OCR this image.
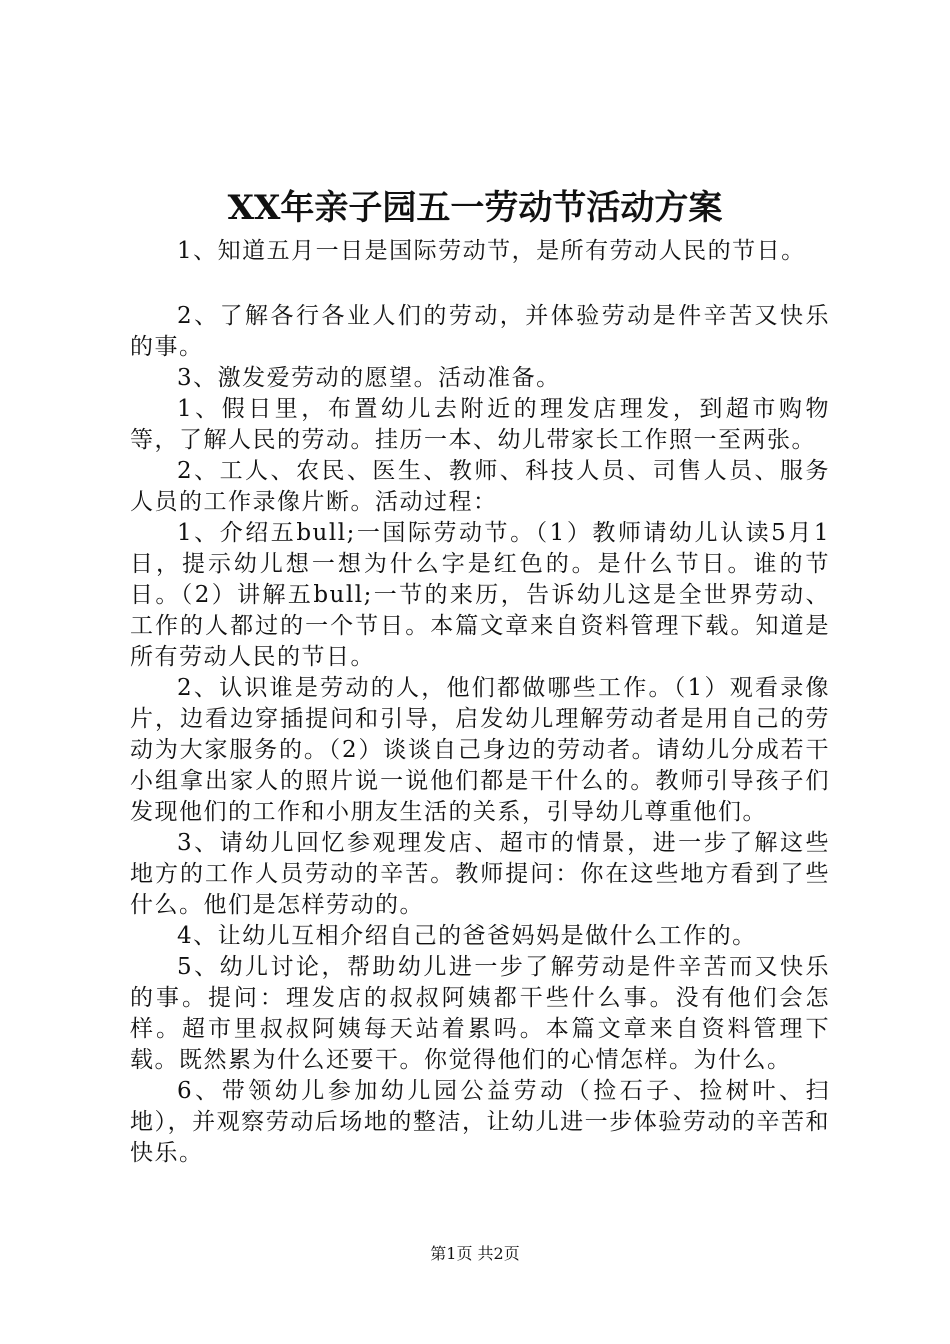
XX年亲子园五一劳动节活动方案

1、知道五月一日是国际劳动节，是所有劳动人民的节日。

2、了解各行各业人们的劳动，并体验劳动是件辛苦又快乐的事。

3、激发爱劳动的愿望。活动准备。

1、假日里，布置幼儿去附近的理发店理发，到超市购物等，了解人民的劳动。挂历一本、幼儿带家长工作照一至两张。

2、工人、农民、医生、教师、科技人员、司售人员、服务人员的工作录像片断。活动过程：

1、介绍五bull;一国际劳动节。（1）教师请幼儿认读5月1日，提示幼儿想一想为什么字是红色的。是什么节日。谁的节日。（2）讲解五bull;一节的来历，告诉幼儿这是全世界劳动、工作的人都过的一个节日。本篇文章来自资料管理下载。知道是所有劳动人民的节日。

2、认识谁是劳动的人，他们都做哪些工作。（1）观看录像片，边看边穿插提问和引导，启发幼儿理解劳动者是用自己的劳动为大家服务的。（2）谈谈自己身边的劳动者。请幼儿分成若干小组拿出家人的照片说一说他们都是干什么的。教师引导孩子们发现他们的工作和小朋友生活的关系，引导幼儿尊重他们。

3、请幼儿回忆参观理发店、超市的情景，进一步了解这些地方的工作人员劳动的辛苦。教师提问：你在这些地方看到了些什么。他们是怎样劳动的。

4、让幼儿互相介绍自己的爸爸妈妈是做什么工作的。

5、幼儿讨论，帮助幼儿进一步了解劳动是件辛苦而又快乐的事。提问：理发店的叔叔阿姨都干些什么事。没有他们会怎样。超市里叔叔阿姨每天站着累吗。本篇文章来自资料管理下载。既然累为什么还要干。你觉得他们的心情怎样。为什么。

6、带领幼儿参加幼儿园公益劳动（捡石子、捡树叶、扫地），并观察劳动后场地的整洁，让幼儿进一步体验劳动的辛苦和快乐。

第1页 共2页
